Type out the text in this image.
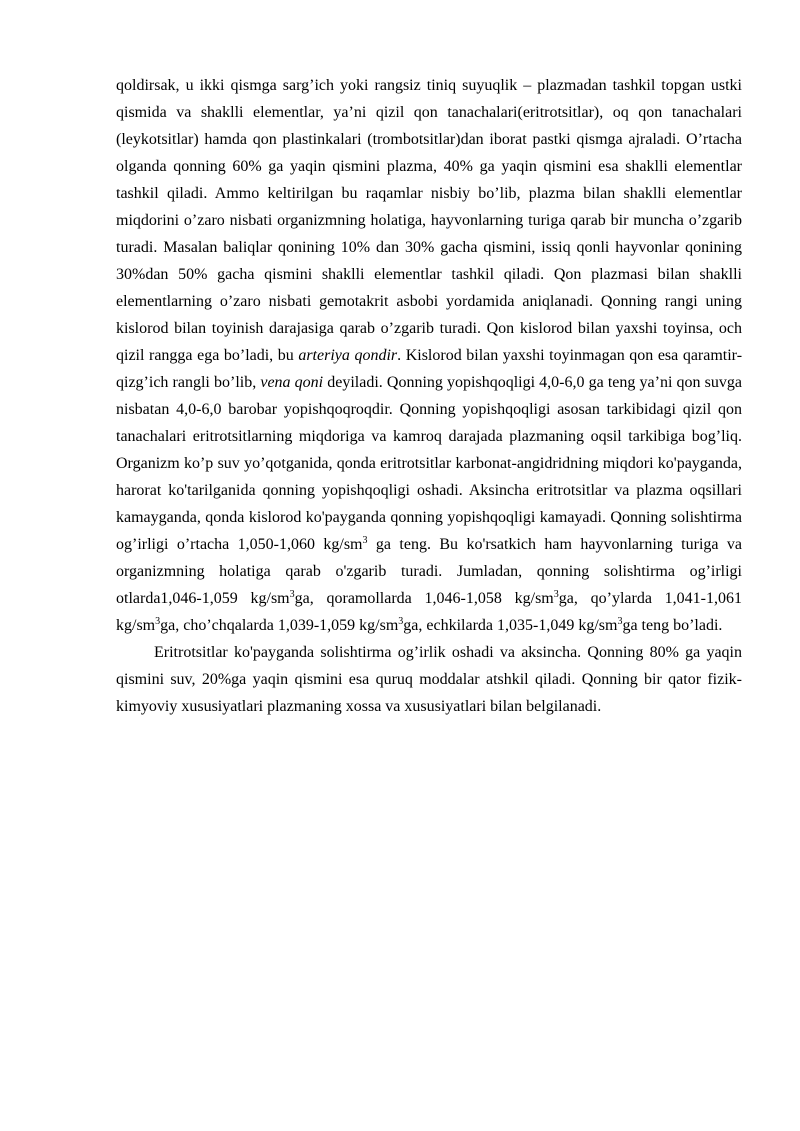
qoldirsak, u ikki qismga sarg’ich yoki rangsiz tiniq suyuqlik – plazmadan tashkil topgan ustki qismida va shaklli elementlar, ya’ni qizil qon tanachalari(eritrotsitlar), oq qon tanachalari (leykotsitlar) hamda qon plastinkalari (trombotsitlar)dan iborat pastki qismga ajraladi. O’rtacha olganda qonning 60% ga yaqin qismini plazma, 40% ga yaqin qismini esa shaklli elementlar tashkil qiladi. Ammo keltirilgan bu raqamlar nisbiy bo’lib, plazma bilan shaklli elementlar miqdorini o’zaro nisbati organizmning holatiga, hayvonlarning turiga qarab bir muncha o’zgarib turadi. Masalan baliqlar qonining 10% dan 30% gacha qismini, issiq qonli hayvonlar qonining 30%dan 50% gacha qismini shaklli elementlar tashkil qiladi. Qon plazmasi bilan shaklli elementlarning o’zaro nisbati gemotakrit asbobi yordamida aniqlanadi. Qonning rangi uning kislorod bilan toyinish darajasiga qarab o’zgarib turadi. Qon kislorod bilan yaxshi toyinsa, och qizil rangga ega bo’ladi, bu arteriya qondir. Kislorod bilan yaxshi toyinmagan qon esa qaramtir-qizg’ich rangli bo’lib, vena qoni deyiladi. Qonning yopishqoqligi 4,0-6,0 ga teng ya’ni qon suvga nisbatan 4,0-6,0 barobar yopishqoqroqdir. Qonning yopishqoqligi asosan tarkibidagi qizil qon tanachalari eritrotsitlarning miqdoriga va kamroq darajada plazmaning oqsil tarkibiga bog’liq. Organizm ko’p suv yo’qotganida, qonda eritrotsitlar karbonat-angidridning miqdori ko'payganda, harorat ko'tarilganida qonning yopishqoqligi oshadi. Aksincha eritrotsitlar va plazma oqsillari kamayganda, qonda kislorod ko'payganda qonning yopishqoqligi kamayadi. Qonning solishtirma og’irligi o’rtacha 1,050-1,060 $kg/sm^3$ ga teng. Bu ko'rsatkich ham hayvonlarning turiga va organizmning holatiga qarab o'zgarib turadi. Jumladan, qonning solishtirma og’irligi otlarda1,046-1,059 $kg/sm^3ga$, qoramollarda 1,046-1,058 $kg/sm^3ga$, qo’ylarda 1,041-1,061 $kg/sm^3ga$, cho’chqalarda 1,039-1,059 $kg/sm^3ga$, echkilarda 1,035-1,049 $kg/sm^3ga$ teng bo’ladi.

Eritrotsitlar ko'payganda solishtirma og’irlik oshadi va aksincha. Qonning 80% ga yaqin qismini suv, 20%ga yaqin qismini esa quruq moddalar atshkil qiladi. Qonning bir qator fizik-kimyoviy xususiyatlari plazmaning xossa va xususiyatlari bilan belgilanadi.
